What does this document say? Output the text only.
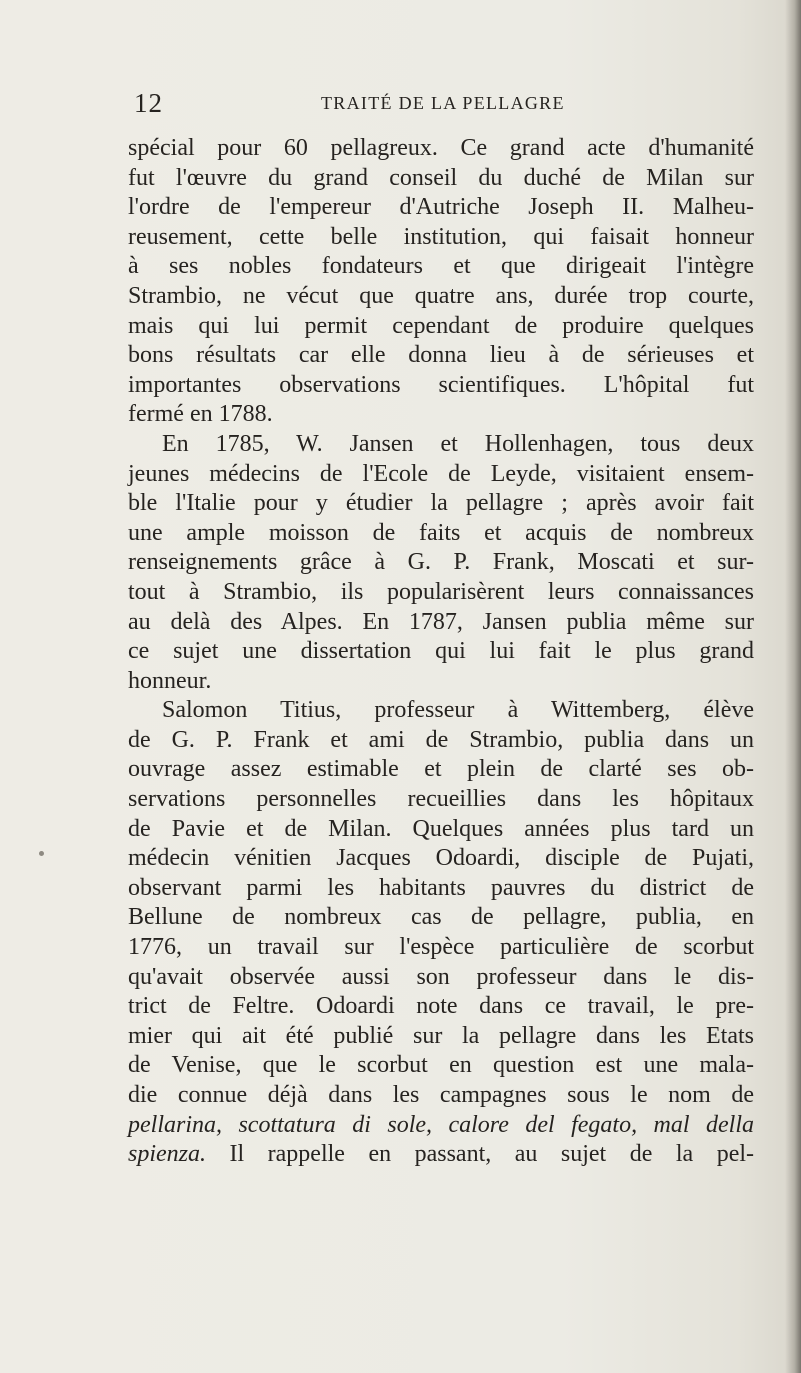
12	TRAITÉ DE LA PELLAGRE
spécial pour 60 pellagreux. Ce grand acte d'humanité
fut l'œuvre du grand conseil du duché de Milan sur
l'ordre de l'empereur d'Autriche Joseph II. Malheu-
reusement, cette belle institution, qui faisait honneur
à ses nobles fondateurs et que dirigeait l'intègre
Strambio, ne vécut que quatre ans, durée trop courte,
mais qui lui permit cependant de produire quelques
bons résultats car elle donna lieu à de sérieuses et
importantes observations scientifiques. L'hôpital fut
fermé en 1788.
En 1785, W. Jansen et Hollenhagen, tous deux
jeunes médecins de l'Ecole de Leyde, visitaient ensem-
ble l'Italie pour y étudier la pellagre ; après avoir fait
une ample moisson de faits et acquis de nombreux
renseignements grâce à G. P. Frank, Moscati et sur-
tout à Strambio, ils popularisèrent leurs connaissances
au delà des Alpes. En 1787, Jansen publia même sur
ce sujet une dissertation qui lui fait le plus grand
honneur.
Salomon Titius, professeur à Wittemberg, élève
de G. P. Frank et ami de Strambio, publia dans un
ouvrage assez estimable et plein de clarté ses ob-
servations personnelles recueillies dans les hôpitaux
de Pavie et de Milan. Quelques années plus tard un
médecin vénitien Jacques Odoardi, disciple de Pujati,
observant parmi les habitants pauvres du district de
Bellune de nombreux cas de pellagre, publia, en
1776, un travail sur l'espèce particulière de scorbut
qu'avait observée aussi son professeur dans le dis-
trict de Feltre. Odoardi note dans ce travail, le pre-
mier qui ait été publié sur la pellagre dans les Etats
de Venise, que le scorbut en question est une mala-
die connue déjà dans les campagnes sous le nom de
pellarina, scottatura di sole, calore del fegato, mal della
spienza. Il rappelle en passant, au sujet de la pel-
